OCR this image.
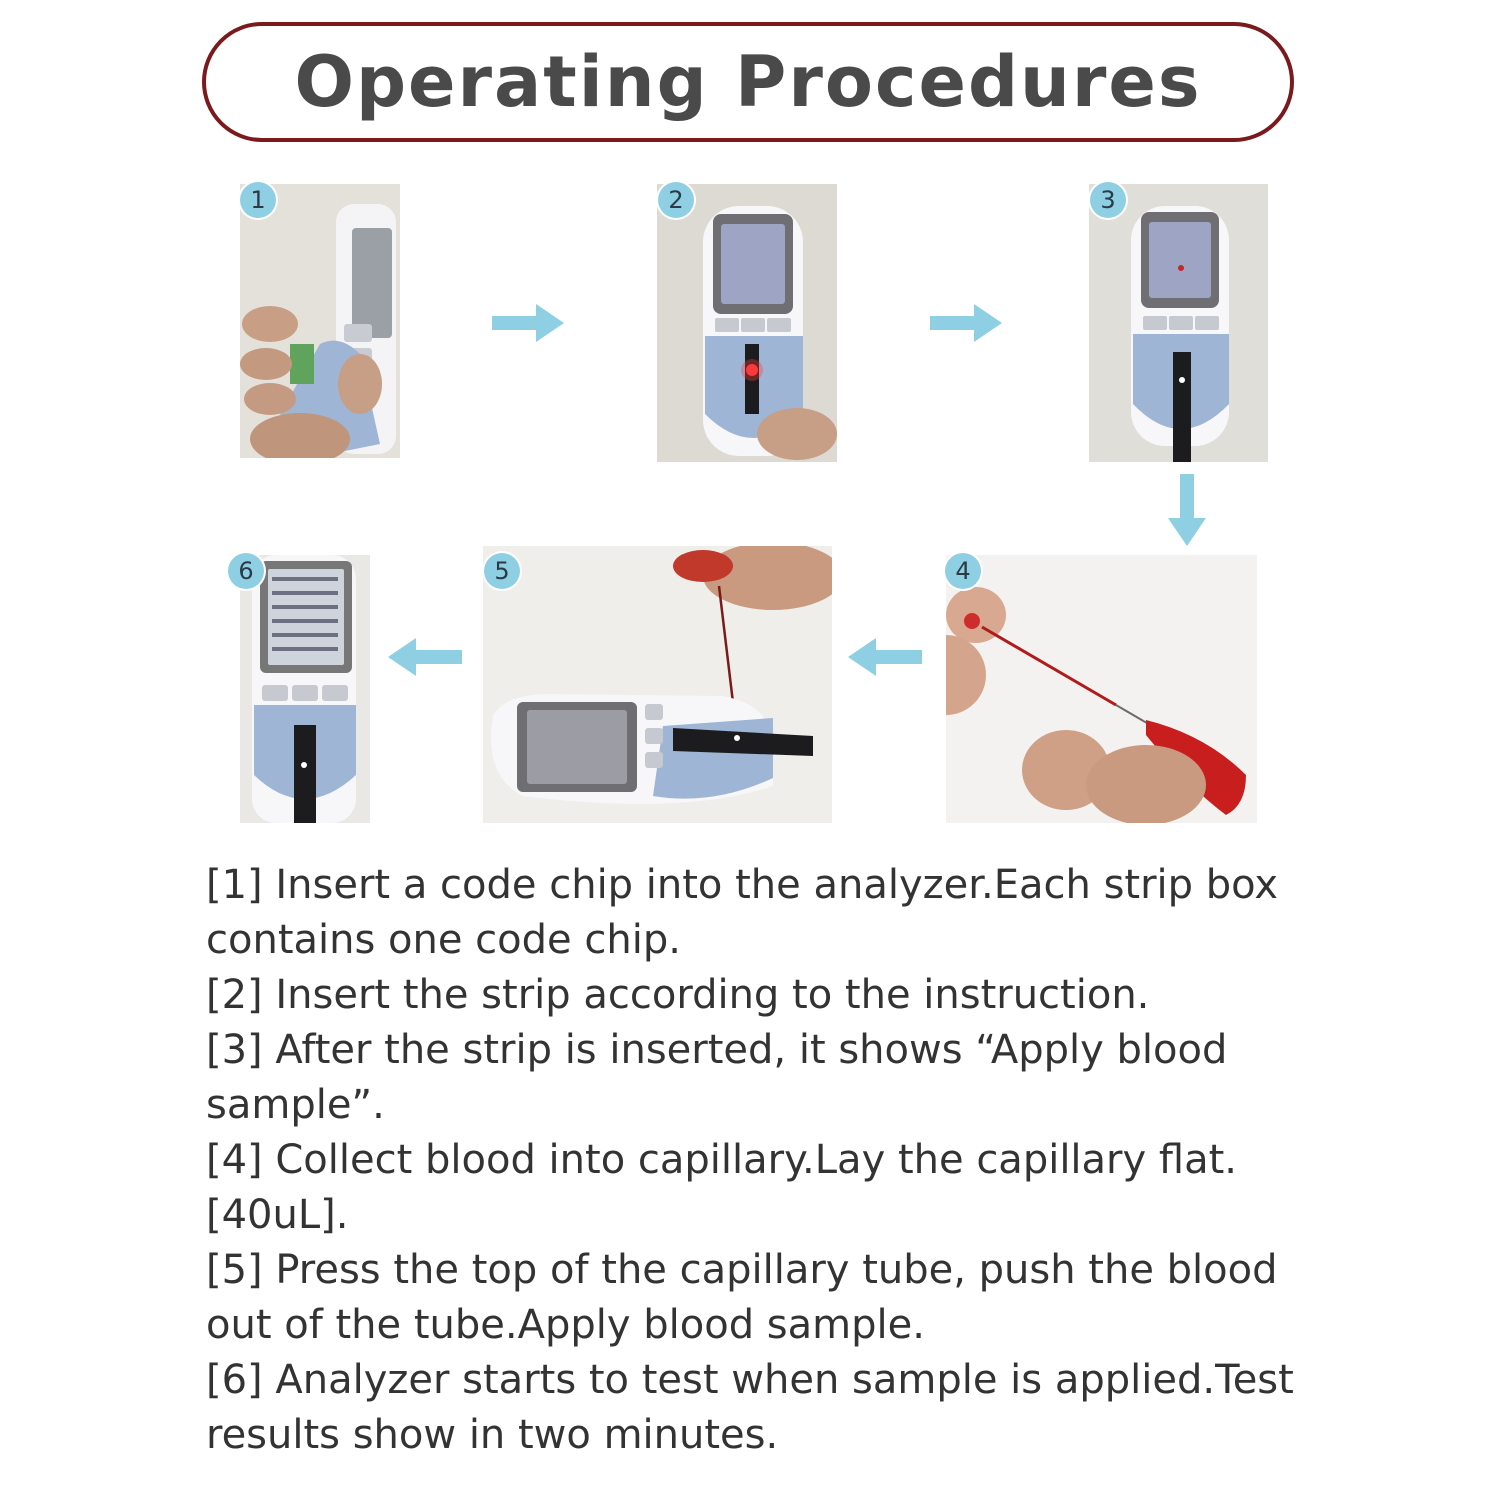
Operating Procedures
1	2	3
4
5
6

[1] Insert a code chip into the analyzer.Each strip box contains one code chip.

[2] Insert the strip according to the instruction.

[3] After the strip is inserted, it shows “Apply blood sample”.

[4] Collect blood into capillary.Lay the capillary flat.[40uL].

[5] Press the top of the capillary tube, push the blood out of the tube.Apply blood sample.

[6] Analyzer starts to test when sample is applied.Test results show in two minutes.
